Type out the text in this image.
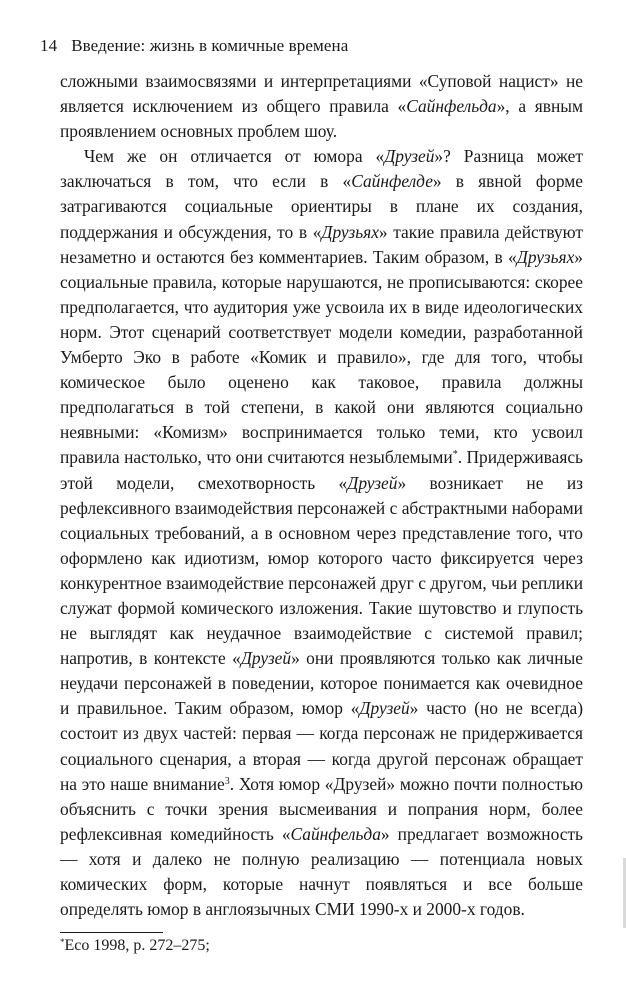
14 Введение: жизнь в комичные времена

сложными взаимосвязями и интерпретациями «Суповой нацист» не является исключением из общего правила «Сайнфельда», а явным проявлением основных проблем шоу.

Чем же он отличается от юмора «Друзей»? Разница может заключаться в том, что если в «Сайнфелде» в явной форме затрагиваются социальные ориентиры в плане их создания, поддержания и обсуждения, то в «Друзьях» такие правила действуют незаметно и остаются без комментариев. Таким образом, в «Друзьях» социальные правила, которые нарушаются, не прописываются: скорее предполагается, что аудитория уже усвоила их в виде идеологических норм. Этот сценарий соответствует модели комедии, разработанной Умберто Эко в работе «Комик и правило», где для того, чтобы комическое было оценено как таковое, правила должны предполагаться в той степени, в какой они являются социально неявными: «Комизм» воспринимается только теми, кто усвоил правила настолько, что они считаются незыблемыми*. Придерживаясь этой модели, смехотворность «Друзей» возникает не из рефлексивного взаимодействия персонажей с абстрактными наборами социальных требований, а в основном через представление того, что оформлено как идиотизм, юмор которого часто фиксируется через конкурентное взаимодействие персонажей друг с другом, чьи реплики служат формой комического изложения. Такие шутовство и глупость не выглядят как неудачное взаимодействие с системой правил; напротив, в контексте «Друзей» они проявляются только как личные неудачи персонажей в поведении, которое понимается как очевидное и правильное. Таким образом, юмор «Друзей» часто (но не всегда) состоит из двух частей: первая — когда персонаж не придерживается социального сценария, а вторая — когда другой персонаж обращает на это наше внимание$^3$. Хотя юмор «Друзей» можно почти полностью объяснить с точки зрения высмеивания и попрания норм, более рефлексивная комедийность «Сайнфельда» предлагает возможность — хотя и далеко не полную реализацию — потенциала новых комических форм, которые начнут появляться и все больше определять юмор в англоязычных СМИ 1990-х и 2000-х годов.

*Eco 1998, p. 272–275;
